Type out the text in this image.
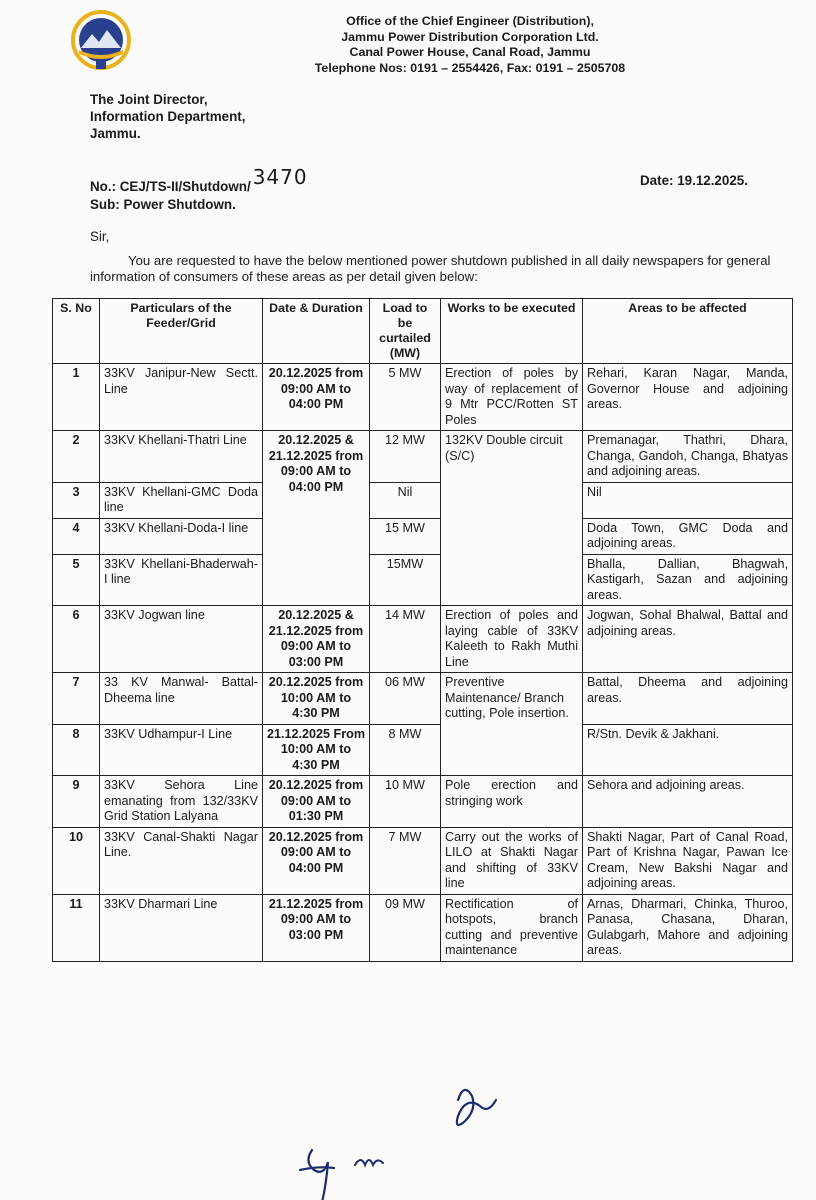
Office of the Chief Engineer (Distribution),
Jammu Power Distribution Corporation Ltd.
Canal Power House, Canal Road, Jammu
Telephone Nos: 0191 – 2554426, Fax: 0191 – 2505708
The Joint Director,
Information Department,
Jammu.
No.: CEJ/TS-II/Shutdown/ 3470	Date: 19.12.2025.
Sub: Power Shutdown.
Sir,
You are requested to have the below mentioned power shutdown published in all daily newspapers for general information of consumers of these areas as per detail given below:
S. No	Particulars of the Feeder/Grid	Date & Duration	Load to be curtailed (MW)	Works to be executed	Areas to be affected
1	33KV Janipur-New Sectt. Line	20.12.2025 from 09:00 AM to 04:00 PM	5 MW	Erection of poles by way of replacement of 9 Mtr PCC/Rotten ST Poles	Rehari, Karan Nagar, Manda, Governor House and adjoining areas.
2	33KV Khellani-Thatri Line	20.12.2025 & 21.12.2025 from 09:00 AM to 04:00 PM	12 MW	132KV Double circuit (S/C)	Premanagar, Thathri, Dhara, Changa, Gandoh, Changa, Bhatyas and adjoining areas.
3	33KV Khellani-GMC Doda line		Nil		Nil
4	33KV Khellani-Doda-I line		15 MW		Doda Town, GMC Doda and adjoining areas.
5	33KV Khellani-Bhaderwah-I line		15MW		Bhalla, Dallian, Bhagwah, Kastigarh, Sazan and adjoining areas.
6	33KV Jogwan line	20.12.2025 & 21.12.2025 from 09:00 AM to 03:00 PM	14 MW	Erection of poles and laying cable of 33KV Kaleeth to Rakh Muthi Line	Jogwan, Sohal Bhalwal, Battal and adjoining areas.
7	33 KV Manwal- Battal-Dheema line	20.12.2025 from 10:00 AM to 4:30 PM	06 MW	Preventive Maintenance/ Branch cutting, Pole insertion.	Battal, Dheema and adjoining areas.
8	33KV Udhampur-I Line	21.12.2025 From 10:00 AM to 4:30 PM	8 MW		R/Stn. Devik & Jakhani.
9	33KV Sehora Line emanating from 132/33KV Grid Station Lalyana	20.12.2025 from 09:00 AM to 01:30 PM	10 MW	Pole erection and stringing work	Sehora and adjoining areas.
10	33KV Canal-Shakti Nagar Line.	20.12.2025 from 09:00 AM to 04:00 PM	7 MW	Carry out the works of LILO at Shakti Nagar and shifting of 33KV line	Shakti Nagar, Part of Canal Road, Part of Krishna Nagar, Pawan Ice Cream, New Bakshi Nagar and adjoining areas.
11	33KV Dharmari Line	21.12.2025 from 09:00 AM to 03:00 PM	09 MW	Rectification of hotspots, branch cutting and preventive maintenance	Arnas, Dharmari, Chinka, Thuroo, Panasa, Chasana, Dharan, Gulabgarh, Mahore and adjoining areas.
